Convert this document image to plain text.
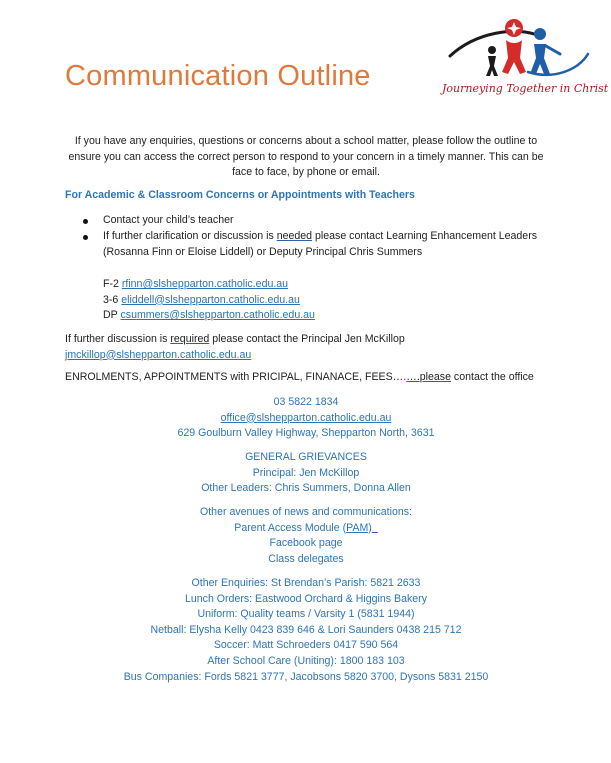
Communication Outline	Journeying Together in Christ
If you have any enquiries, questions or concerns about a school matter, please follow the outline to ensure you can access the correct person to respond to your concern in a timely manner. This can be face to face, by phone or email.
For Academic & Classroom Concerns or Appointments with Teachers
Contact your child’s teacher
If further clarification or discussion is needed please contact Learning Enhancement Leaders (Rosanna Finn or Eloise Liddell) or Deputy Principal Chris Summers
F-2 rfinn@slshepparton.catholic.edu.au
3-6 eliddell@slshepparton.catholic.edu.au
DP csummers@slshepparton.catholic.edu.au
If further discussion is required please contact the Principal Jen McKillop
jmckillop@slshepparton.catholic.edu.au
ENROLMENTS, APPOINTMENTS with PRICIPAL, FINANACE, FEES….….please contact the office
03 5822 1834
office@slshepparton.catholic.edu.au
629 Goulburn Valley Highway, Shepparton North, 3631
GENERAL GRIEVANCES
Principal: Jen McKillop
Other Leaders: Chris Summers, Donna Allen
Other avenues of news and communications:
Parent Access Module (PAM)
Facebook page
Class delegates
Other Enquiries: St Brendan’s Parish: 5821 2633
Lunch Orders: Eastwood Orchard & Higgins Bakery
Uniform: Quality teams / Varsity 1 (5831 1944)
Netball: Elysha Kelly 0423 839 646 & Lori Saunders 0438 215 712
Soccer: Matt Schroeders 0417 590 564
After School Care (Uniting): 1800 183 103
Bus Companies: Fords 5821 3777, Jacobsons 5820 3700, Dysons 5831 2150
